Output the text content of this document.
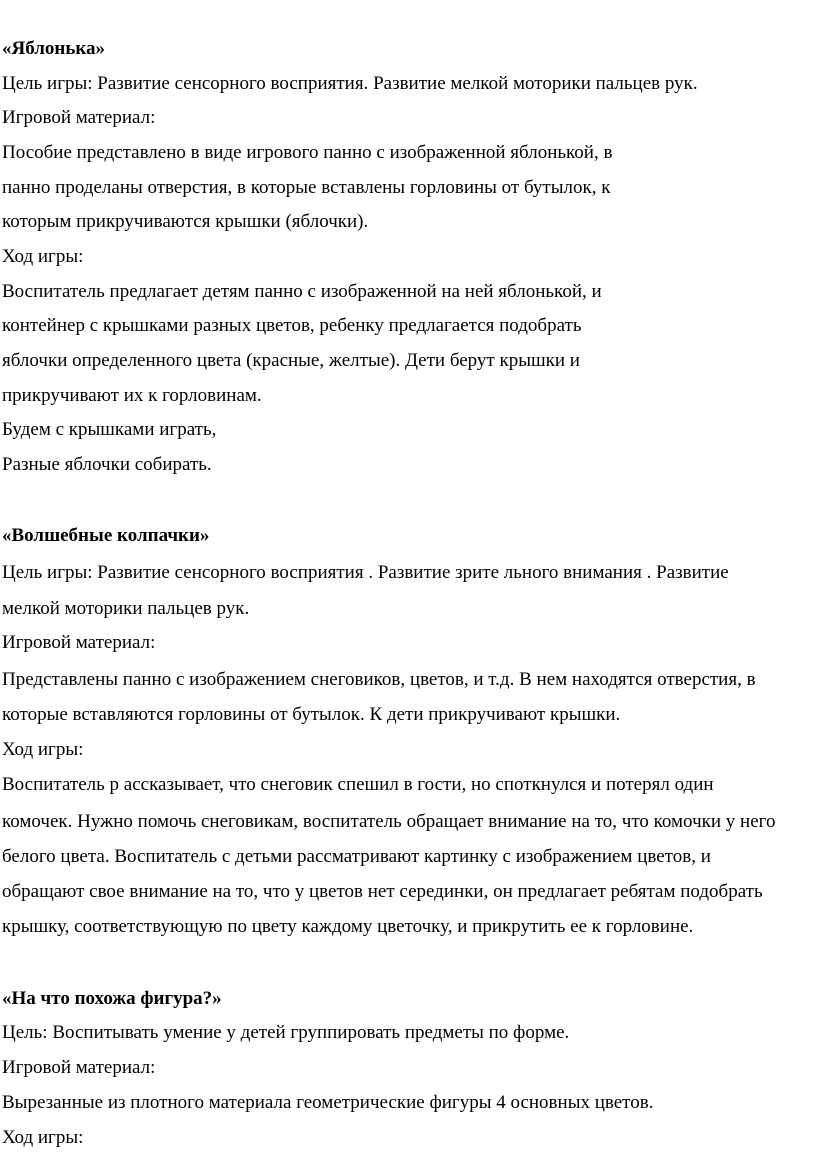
«Яблонька»
Цель игры: Развитие сенсорного восприятия. Развитие мелкой моторики пальцев рук.
Игровой материал:
Пособие представлено в виде игрового панно с изображенной яблонькой, в
панно проделаны отверстия, в которые вставлены горловины от бутылок, к
которым прикручиваются крышки (яблочки).
Ход игры:
Воспитатель предлагает детям панно с изображенной на ней яблонькой, и
контейнер с крышками разных цветов, ребенку предлагается подобрать
яблочки определенного цвета (красные, желтые). Дети берут крышки и
прикручивают их к горловинам.
Будем с крышками играть,
Разные яблочки собирать.
«Волшебные колпачки»
Цель игры: Развитие сенсорного восприятия . Развитие зрите льного внимания . Развитие
мелкой моторики пальцев рук.
Игровой материал:
Представлены панно с изображением снеговиков, цветов, и т.д. В нем находятся отверстия, в
которые вставляются горловины от бутылок. К дети прикручивают крышки.
Ход игры:
Воспитатель р ассказывает, что снеговик спешил в гости, но споткнулся и потерял один
комочек. Нужно помочь снеговикам, воспитатель обращает внимание на то, что комочки у него
белого цвета. Воспитатель с детьми рассматривают картинку с изображением цветов, и
обращают свое внимание на то, что у цветов нет серединки, он предлагает ребятам подобрать
крышку, соответствующую по цвету каждому цветочку, и прикрутить ее к горловине.
«На что похожа фигура?»
Цель: Воспитывать умение у детей группировать предметы по форме.
Игровой материал:
Вырезанные из плотного материала геометрические фигуры 4 основных цветов.
Ход игры:
